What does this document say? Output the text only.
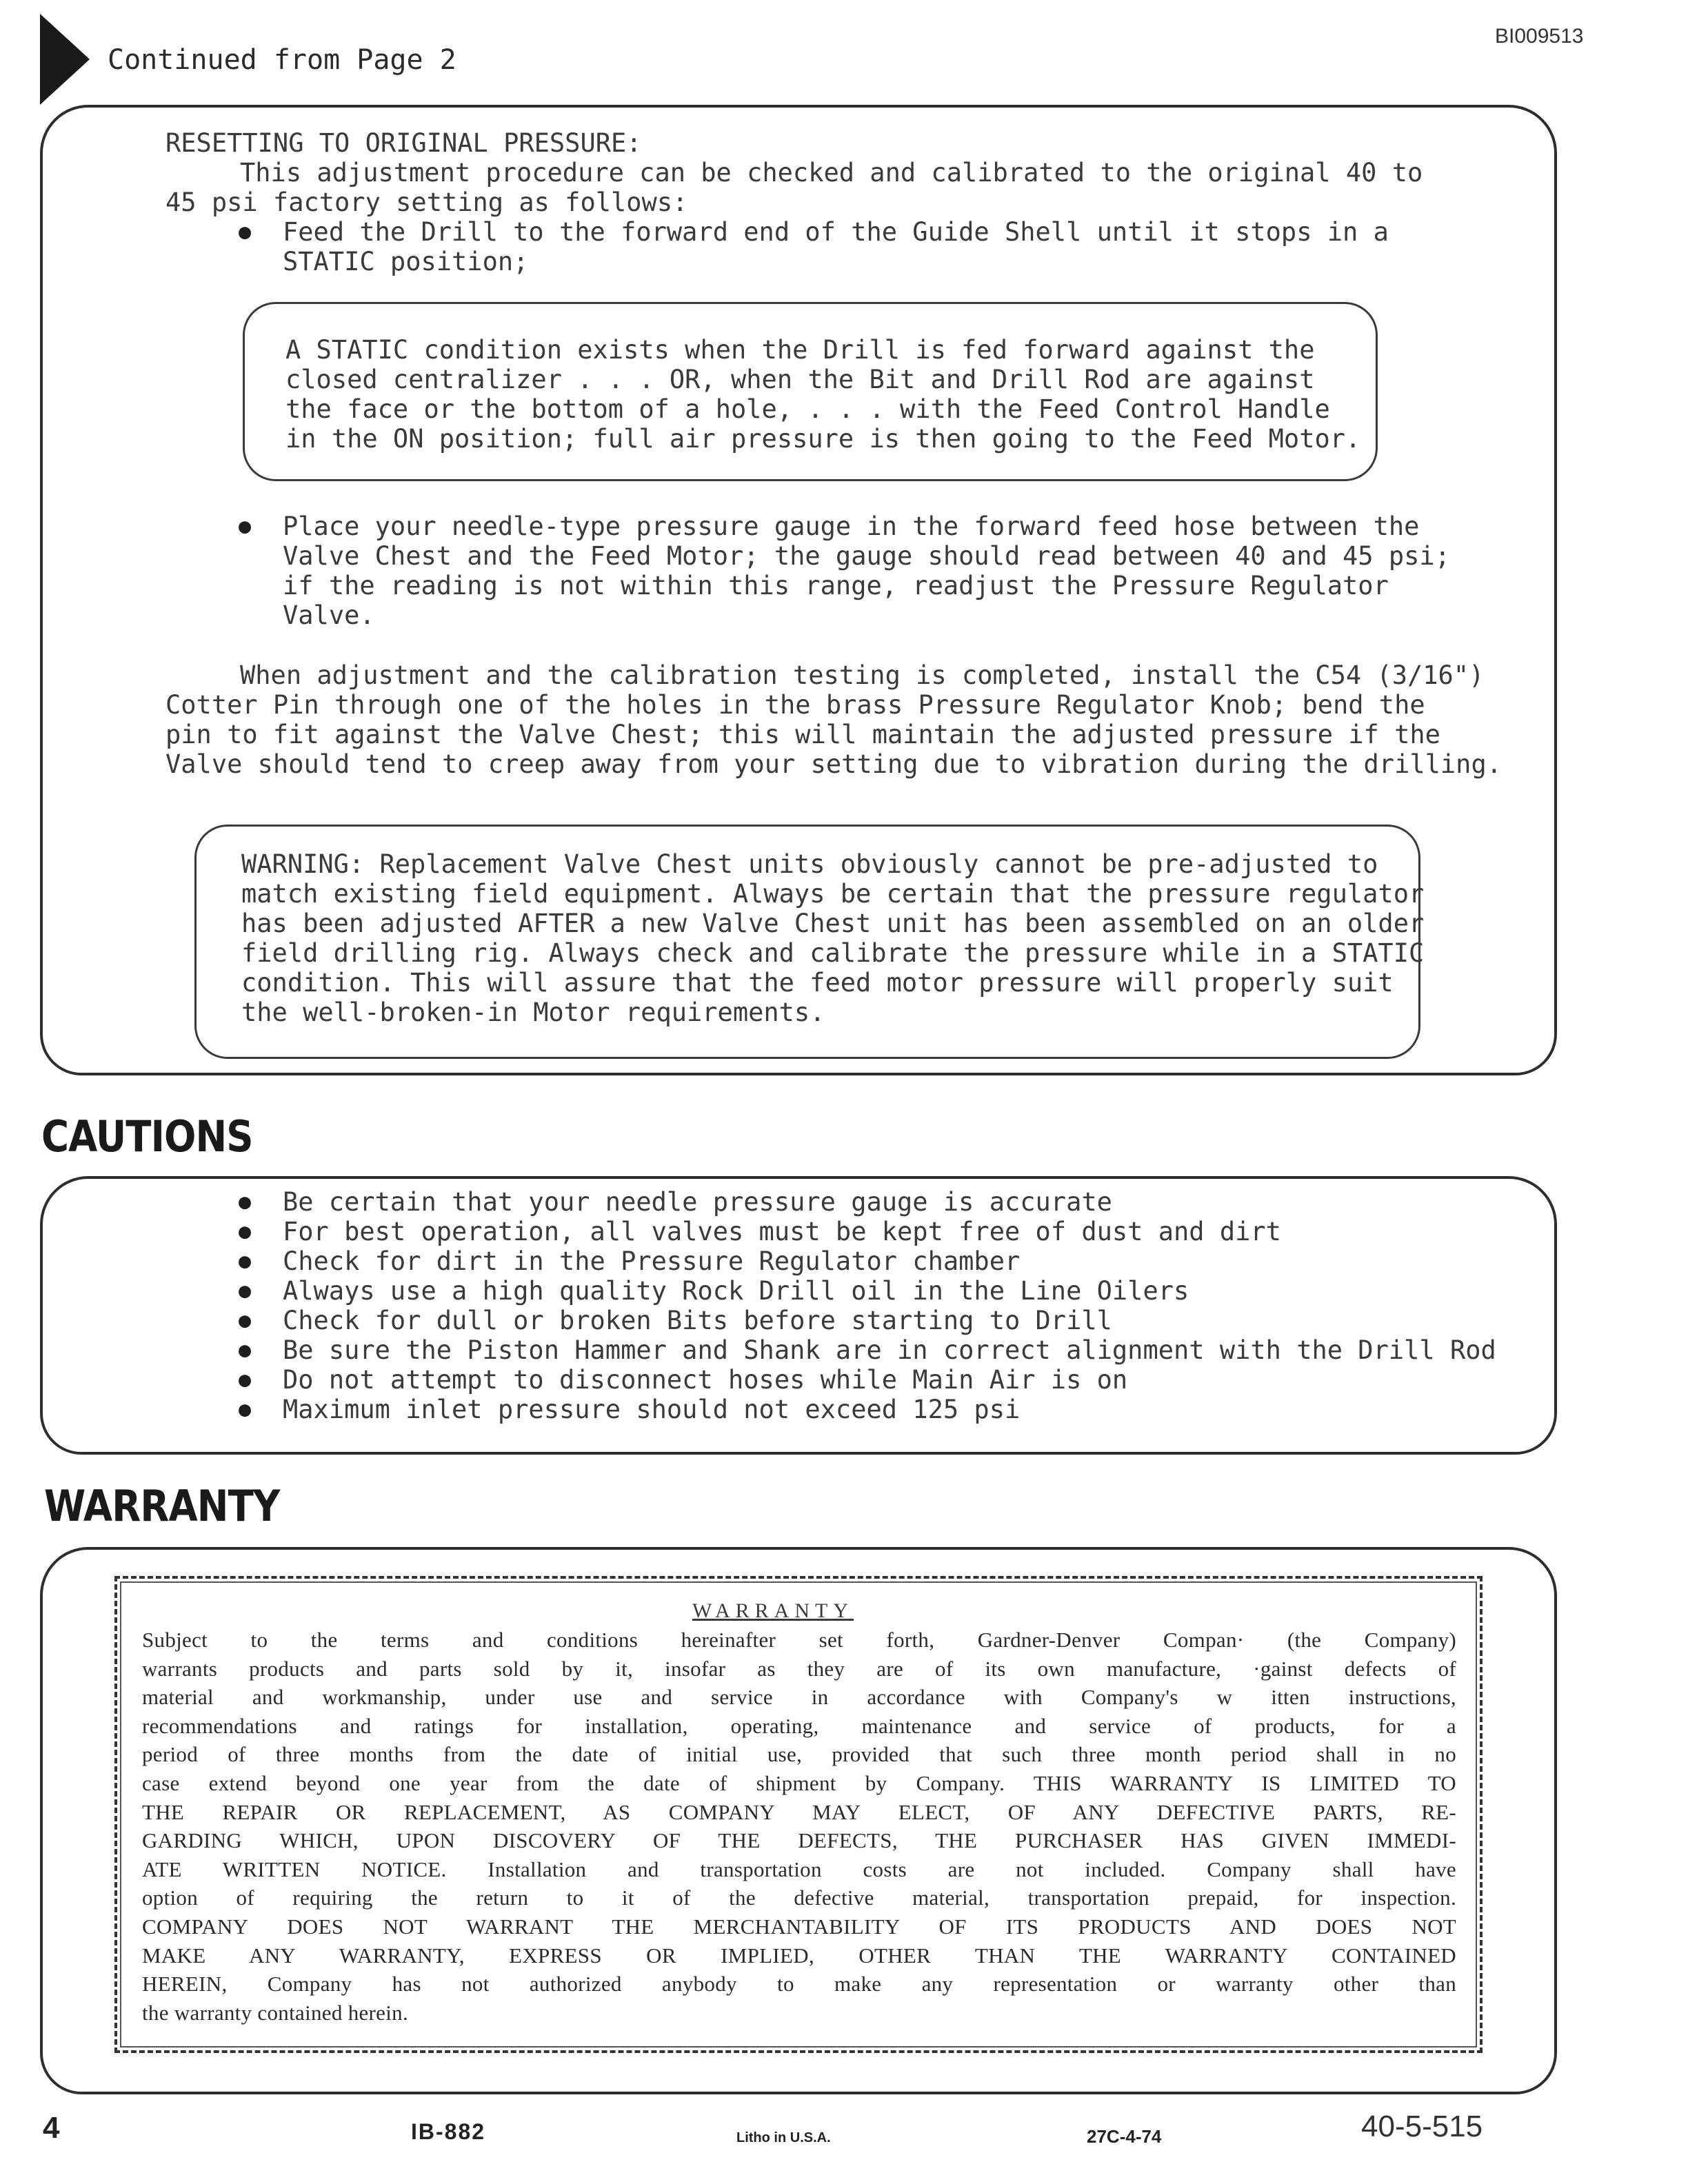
Continued from Page 2
BI009513
RESETTING TO ORIGINAL PRESSURE:
This adjustment procedure can be checked and calibrated to the original 40 to
45 psi factory setting as follows:
● Feed the Drill to the forward end of the Guide Shell until it stops in a
STATIC position;
A STATIC condition exists when the Drill is fed forward against the
closed centralizer . . . OR, when the Bit and Drill Rod are against
the face or the bottom of a hole, . . . with the Feed Control Handle
in the ON position; full air pressure is then going to the Feed Motor.
● Place your needle-type pressure gauge in the forward feed hose between the
Valve Chest and the Feed Motor; the gauge should read between 40 and 45 psi;
if the reading is not within this range, readjust the Pressure Regulator
Valve.
When adjustment and the calibration testing is completed, install the C54 (3/16")
Cotter Pin through one of the holes in the brass Pressure Regulator Knob; bend the
pin to fit against the Valve Chest; this will maintain the adjusted pressure if the
Valve should tend to creep away from your setting due to vibration during the drilling.
WARNING: Replacement Valve Chest units obviously cannot be pre-adjusted to
match existing field equipment. Always be certain that the pressure regulator
has been adjusted AFTER a new Valve Chest unit has been assembled on an older
field drilling rig. Always check and calibrate the pressure while in a STATIC
condition. This will assure that the feed motor pressure will properly suit
the well-broken-in Motor requirements.
CAUTIONS
● Be certain that your needle pressure gauge is accurate
● For best operation, all valves must be kept free of dust and dirt
● Check for dirt in the Pressure Regulator chamber
● Always use a high quality Rock Drill oil in the Line Oilers
● Check for dull or broken Bits before starting to Drill
● Be sure the Piston Hammer and Shank are in correct alignment with the Drill Rod
● Do not attempt to disconnect hoses while Main Air is on
● Maximum inlet pressure should not exceed 125 psi
WARRANTY
WARRANTY
Subject to the terms and conditions hereinafter set forth, Gardner-Denver Compan· (the Company)
warrants products and parts sold by it, insofar as they are of its own manufacture, ·gainst defects of
material and workmanship, under use and service in accordance with Company's w itten instructions,
recommendations and ratings for installation, operating, maintenance and service of products, for a
period of three months from the date of initial use, provided that such three month period shall in no
case extend beyond one year from the date of shipment by Company. THIS WARRANTY IS LIMITED TO
THE REPAIR OR REPLACEMENT, AS COMPANY MAY ELECT, OF ANY DEFECTIVE PARTS, RE-
GARDING WHICH, UPON DISCOVERY OF THE DEFECTS, THE PURCHASER HAS GIVEN IMMEDI-
ATE WRITTEN NOTICE. Installation and transportation costs are not included. Company shall have
option of requiring the return to it of the defective material, transportation prepaid, for inspection.
COMPANY DOES NOT WARRANT THE MERCHANTABILITY OF ITS PRODUCTS AND DOES NOT
MAKE ANY WARRANTY, EXPRESS OR IMPLIED, OTHER THAN THE WARRANTY CONTAINED
HEREIN, Company has not authorized anybody to make any representation or warranty other than
the warranty contained herein.
4	IB-882	Litho in U.S.A.	27C-4-74	40-5-515
